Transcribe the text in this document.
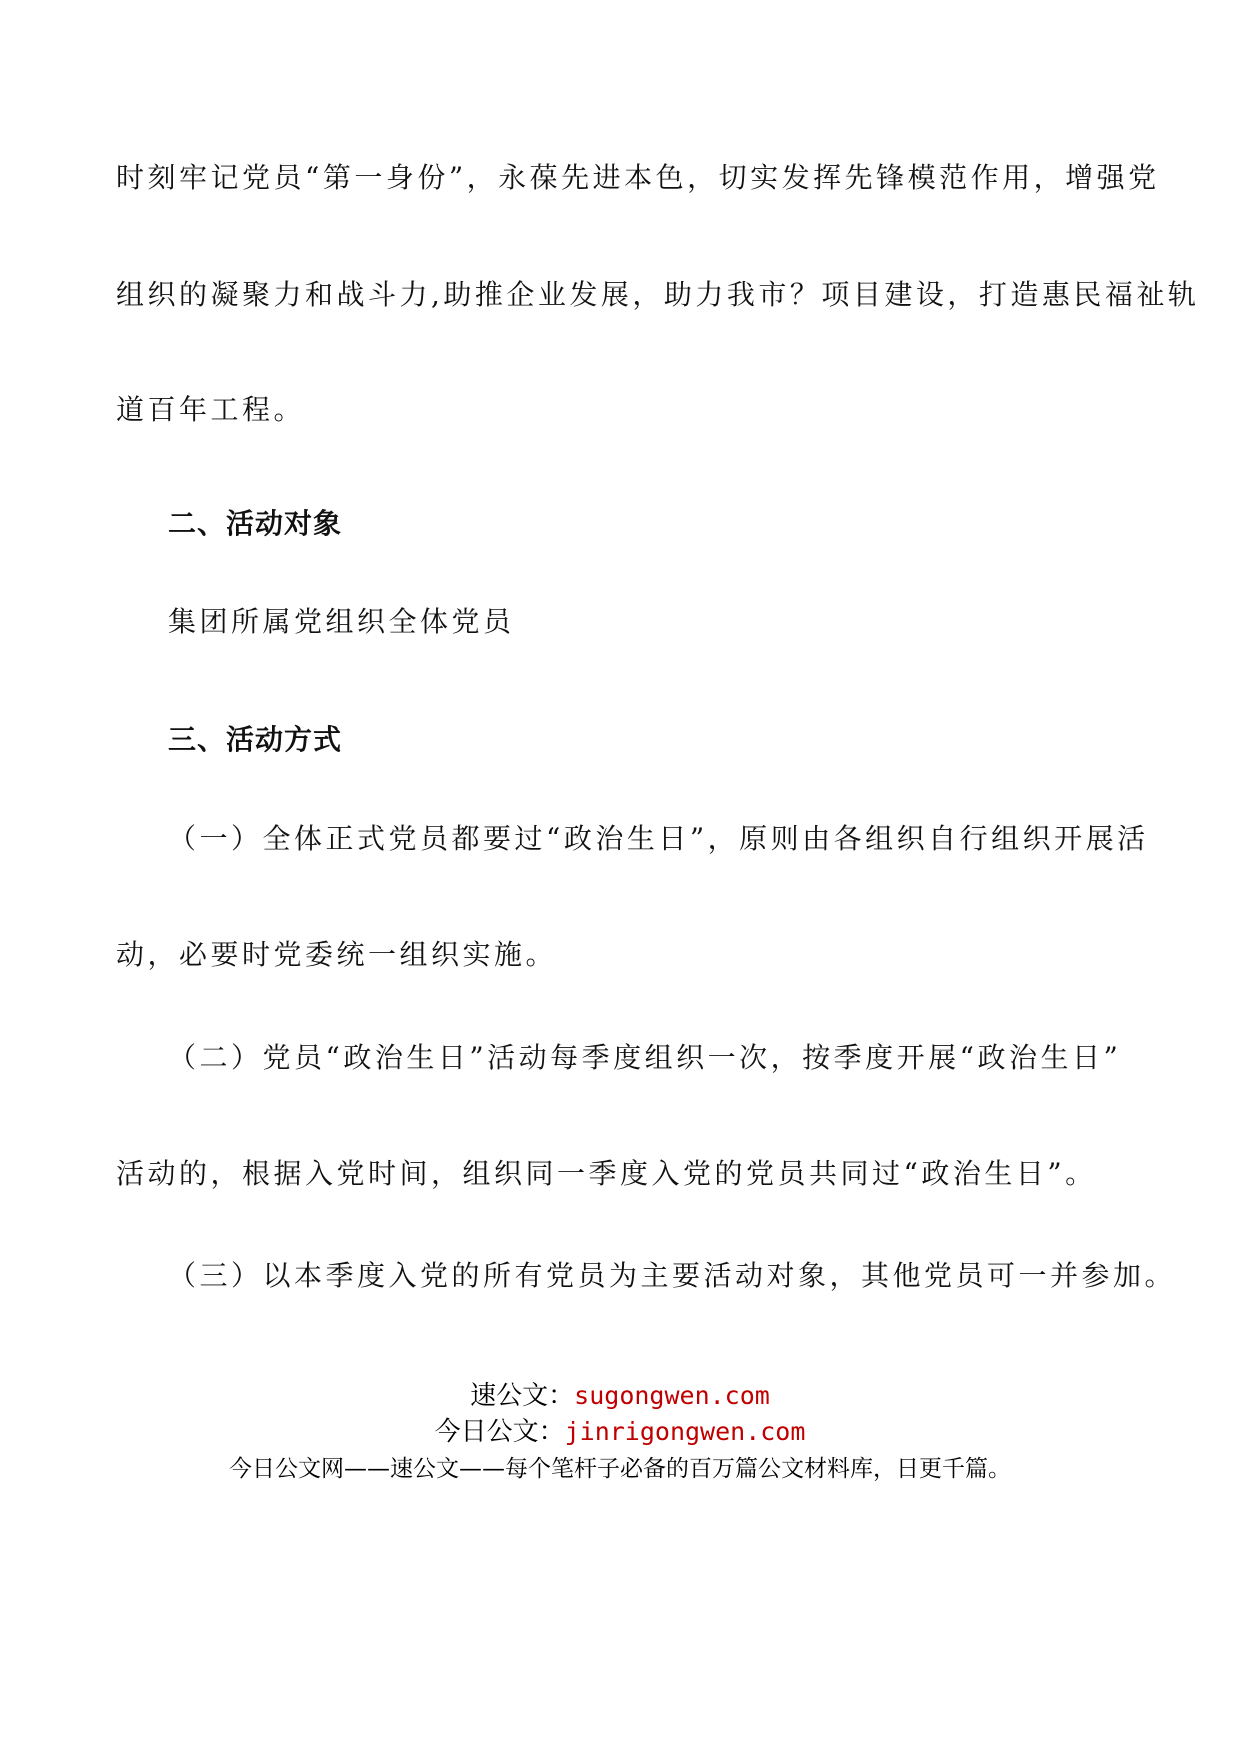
时刻牢记党员“第一身份”，永葆先进本色，切实发挥先锋模范作用，增强党
组织的凝聚力和战斗力,助推企业发展，助力我市？项目建设，打造惠民福祉轨
道百年工程。
二、活动对象
集团所属党组织全体党员
三、活动方式
（一）全体正式党员都要过“政治生日”，原则由各组织自行组织开展活
动，必要时党委统一组织实施。
（二）党员“政治生日”活动每季度组织一次，按季度开展“政治生日”
活动的，根据入党时间，组织同一季度入党的党员共同过“政治生日”。
（三）以本季度入党的所有党员为主要活动对象，其他党员可一并参加。
速公文：sugongwen.com
今日公文：jinrigongwen.com
今日公文网——速公文——每个笔杆子必备的百万篇公文材料库，日更千篇。
